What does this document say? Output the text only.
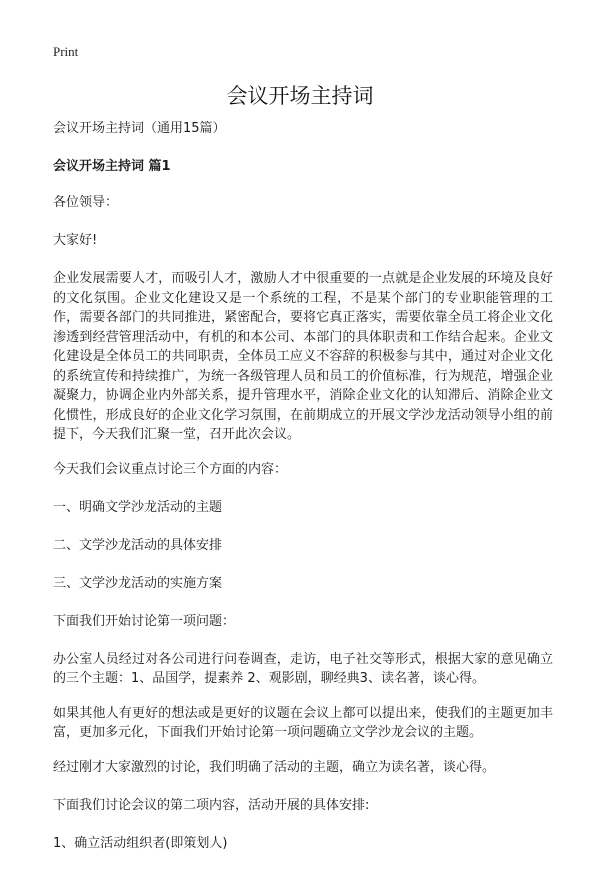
Print
会议开场主持词

会议开场主持词（通用15篇）

会议开场主持词 篇1

各位领导：

大家好!

企业发展需要人才，而吸引人才，激励人才中很重要的一点就是企业发展的环境及良好的文化氛围。企业文化建设又是一个系统的工程，不是某个部门的专业职能管理的工作，需要各部门的共同推进，紧密配合，要将它真正落实，需要依靠全员工将企业文化渗透到经营管理活动中，有机的和本公司、本部门的具体职责和工作结合起来。企业文化建设是全体员工的共同职责，全体员工应义不容辞的积极参与其中，通过对企业文化的系统宣传和持续推广，为统一各级管理人员和员工的价值标准，行为规范，增强企业凝聚力，协调企业内外部关系，提升管理水平，消除企业文化的认知滞后、消除企业文化惯性，形成良好的企业文化学习氛围，在前期成立的开展文学沙龙活动领导小组的前提下，今天我们汇聚一堂，召开此次会议。

今天我们会议重点讨论三个方面的内容：

一、明确文学沙龙活动的主题

二、文学沙龙活动的具体安排

三、文学沙龙活动的实施方案

下面我们开始讨论第一项问题：

办公室人员经过对各公司进行问卷调查，走访，电子社交等形式，根据大家的意见确立的三个主题：1、品国学，提素养 2、观影剧，聊经典3、读名著，谈心得。

如果其他人有更好的想法或是更好的议题在会议上都可以提出来，使我们的主题更加丰富，更加多元化，下面我们开始讨论第一项问题确立文学沙龙会议的主题。

经过刚才大家激烈的讨论，我们明确了活动的主题，确立为读名著，谈心得。

下面我们讨论会议的第二项内容，活动开展的具体安排:

1、确立活动组织者(即策划人)
